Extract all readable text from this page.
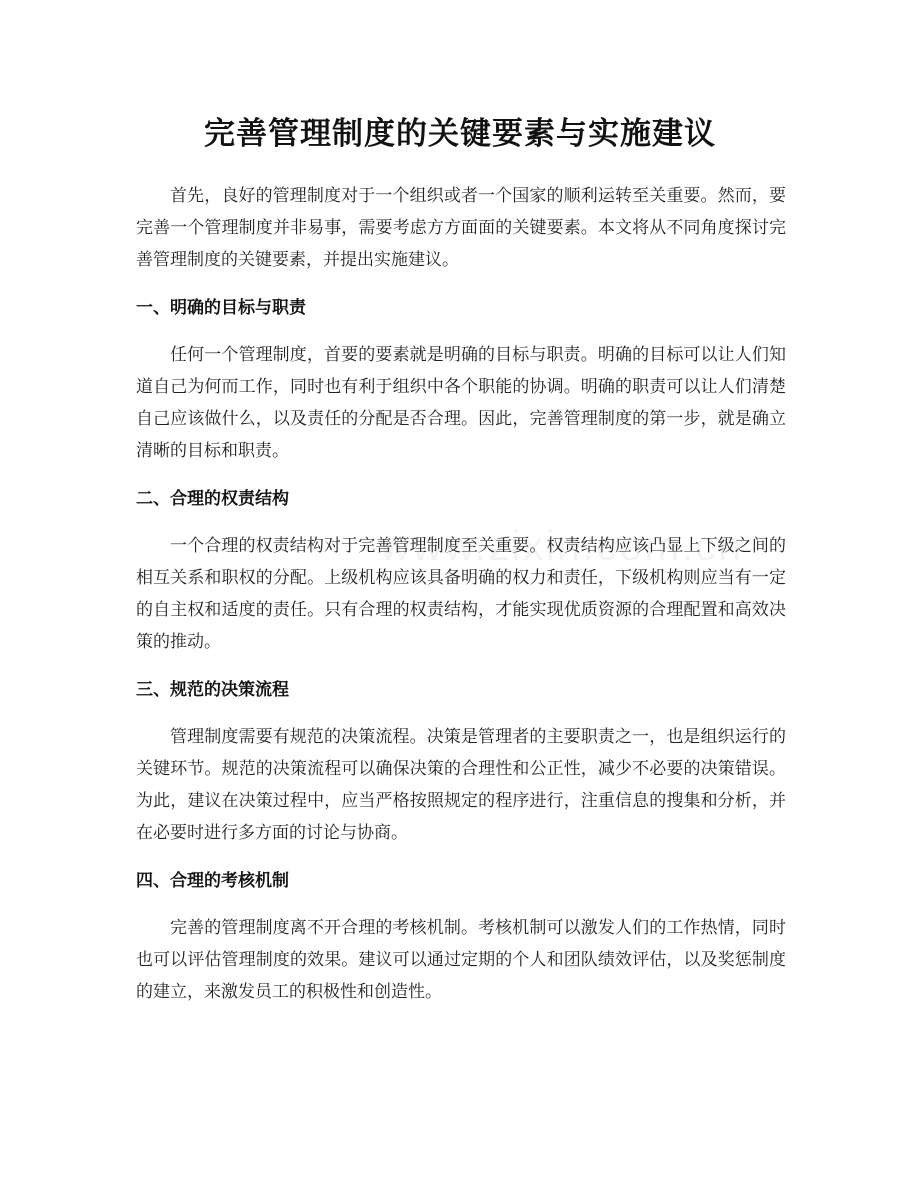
完善管理制度的关键要素与实施建议

首先，良好的管理制度对于一个组织或者一个国家的顺利运转至关重要。然而，要完善一个管理制度并非易事，需要考虑方方面面的关键要素。本文将从不同角度探讨完善管理制度的关键要素，并提出实施建议。

一、明确的目标与职责

任何一个管理制度，首要的要素就是明确的目标与职责。明确的目标可以让人们知道自己为何而工作，同时也有利于组织中各个职能的协调。明确的职责可以让人们清楚自己应该做什么，以及责任的分配是否合理。因此，完善管理制度的第一步，就是确立清晰的目标和职责。

二、合理的权责结构

一个合理的权责结构对于完善管理制度至关重要。权责结构应该凸显上下级之间的相互关系和职权的分配。上级机构应该具备明确的权力和责任，下级机构则应当有一定的自主权和适度的责任。只有合理的权责结构，才能实现优质资源的合理配置和高效决策的推动。

三、规范的决策流程

管理制度需要有规范的决策流程。决策是管理者的主要职责之一，也是组织运行的关键环节。规范的决策流程可以确保决策的合理性和公正性，减少不必要的决策错误。为此，建议在决策过程中，应当严格按照规定的程序进行，注重信息的搜集和分析，并在必要时进行多方面的讨论与协商。

四、合理的考核机制

完善的管理制度离不开合理的考核机制。考核机制可以激发人们的工作热情，同时也可以评估管理制度的效果。建议可以通过定期的个人和团队绩效评估，以及奖惩制度的建立，来激发员工的积极性和创造性。
